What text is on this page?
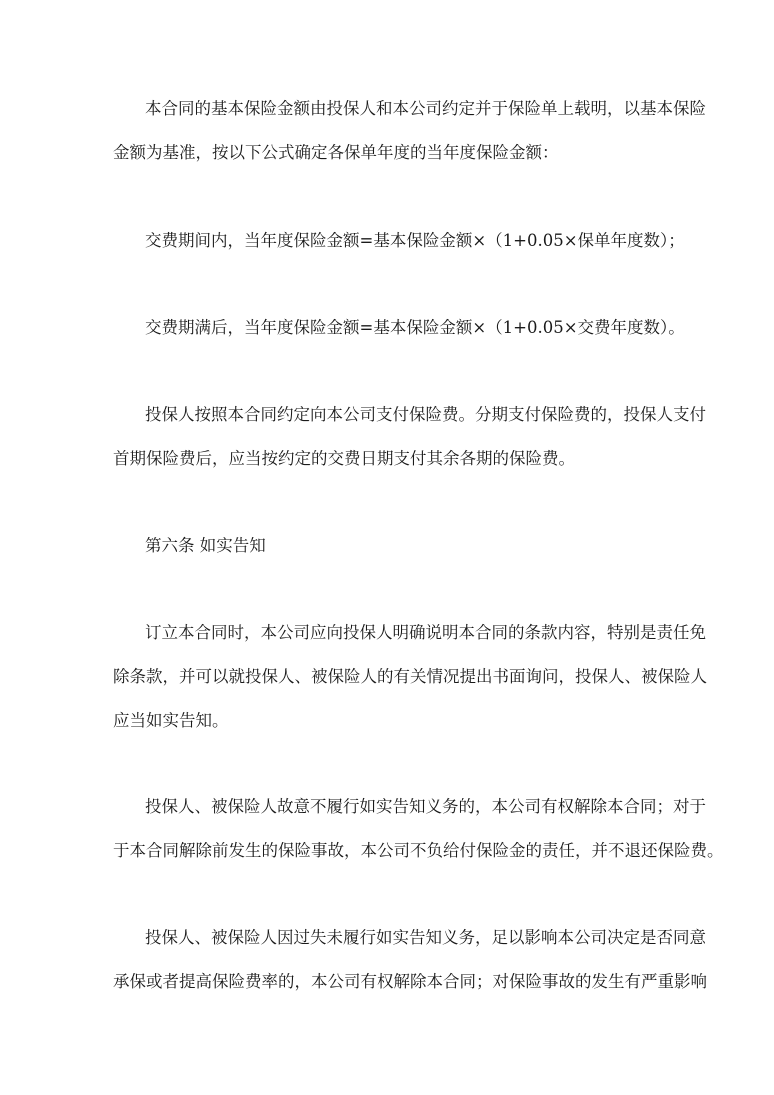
本合同的基本保险金额由投保人和本公司约定并于保险单上载明，以基本保险

金额为基准，按以下公式确定各保单年度的当年度保险金额：

交费期间内，当年度保险金额=基本保险金额×（1+0.05×保单年度数）；

交费期满后，当年度保险金额=基本保险金额×（1+0.05×交费年度数）。

投保人按照本合同约定向本公司支付保险费。分期支付保险费的，投保人支付

首期保险费后，应当按约定的交费日期支付其余各期的保险费。

第六条 如实告知

订立本合同时，本公司应向投保人明确说明本合同的条款内容，特别是责任免

除条款，并可以就投保人、被保险人的有关情况提出书面询问，投保人、被保险人

应当如实告知。

投保人、被保险人故意不履行如实告知义务的，本公司有权解除本合同；对于

于本合同解除前发生的保险事故，本公司不负给付保险金的责任，并不退还保险费。

投保人、被保险人因过失未履行如实告知义务，足以影响本公司决定是否同意

承保或者提高保险费率的，本公司有权解除本合同；对保险事故的发生有严重影响
